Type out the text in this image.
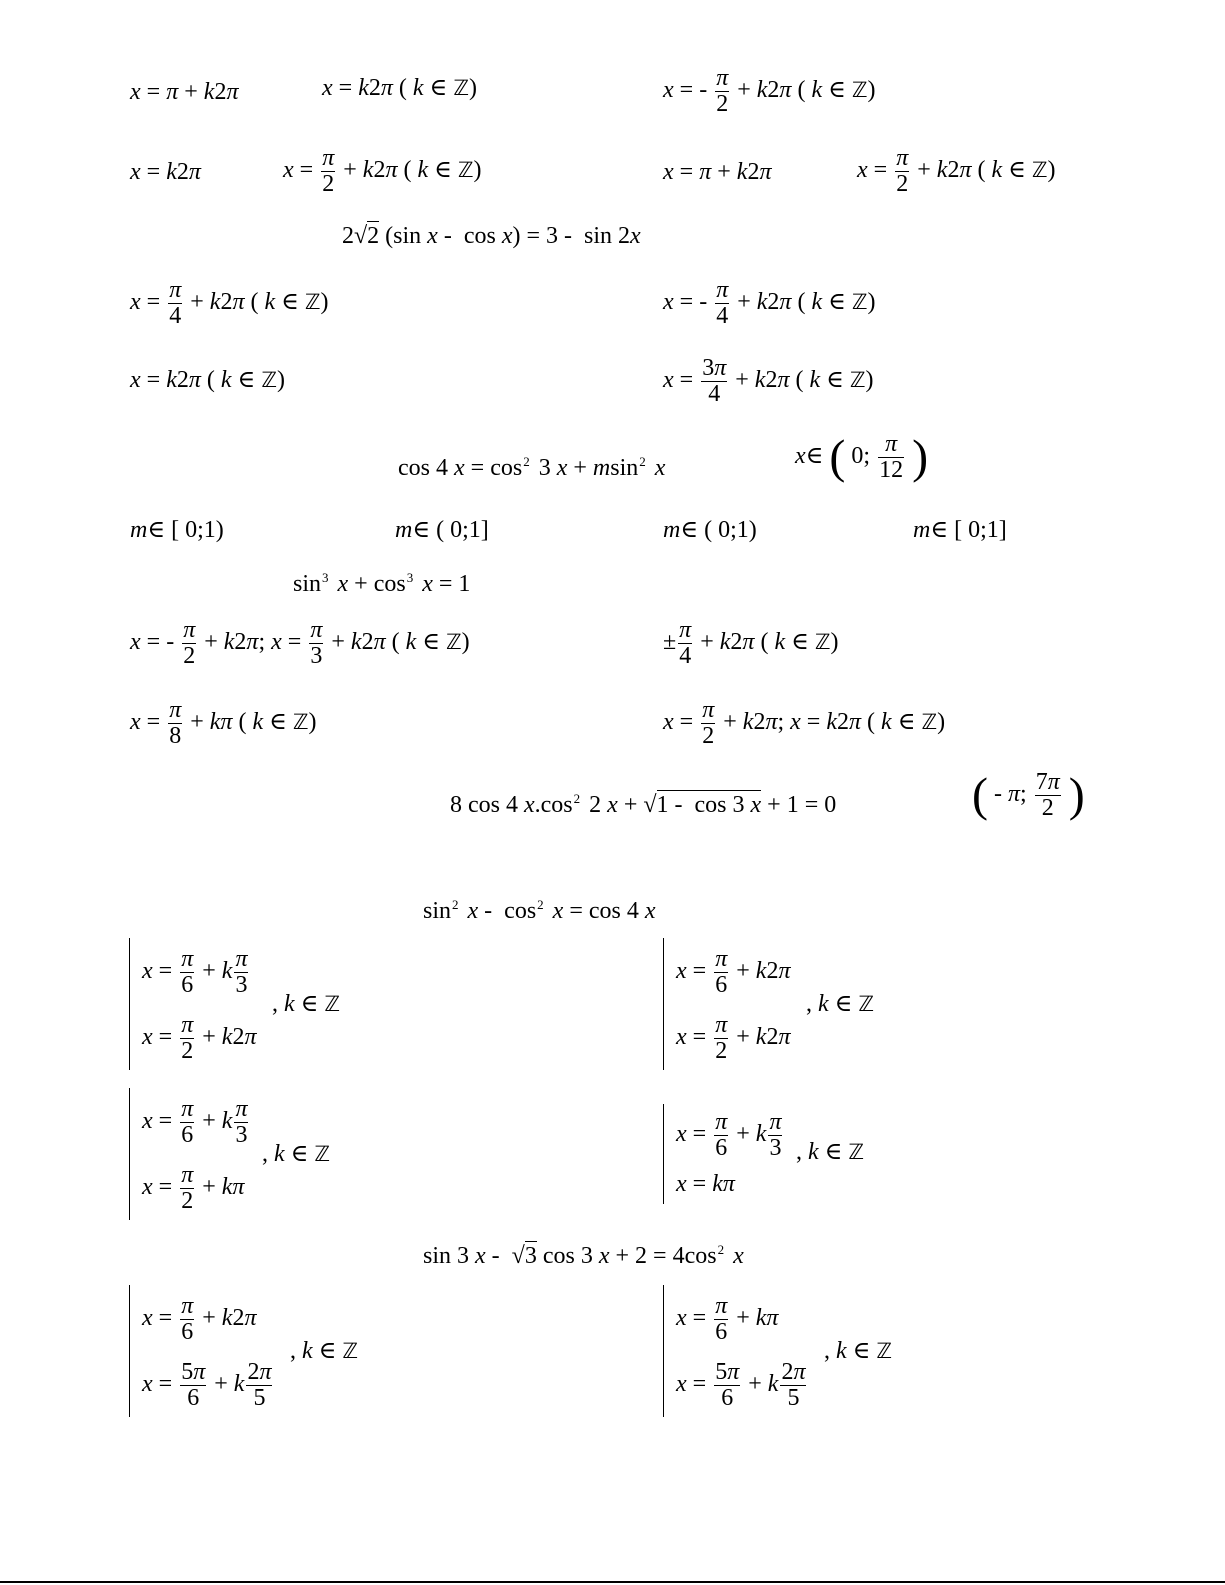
x = π + k2π	x = k2π ( k ∈ ℤ)	x = - $\frac{\pi}{2} + k2\pi$ ( k ∈ ℤ)
x = k2π	$x = \frac{\pi}{2} + k2\pi$ ( k ∈ ℤ)	x = π + k2π	$x = \frac{\pi}{2} + k2\pi$ ( k ∈ ℤ)
2√2 (sin x -  cos x) = 3 -  sin 2x
$x = \frac{\pi}{4} + k2\pi$ ( k ∈ ℤ)	x = - $\frac{\pi}{4} + k2\pi$ ( k ∈ ℤ)
x = k2π ( k ∈ ℤ)	$x = \frac{3\pi}{4} + k2\pi$ ( k ∈ ℤ)
cos 4 $x = \cos^2 3$ x + msin$^2$ x	x∈ ( 0; $\frac{\pi}{12}$ )
m∈ [ 0;1)	m∈ ( 0;1]	m∈ ( 0;1)	m∈ [ 0;1]
$\sin^3 x + \cos^3 x = 1$
x = - $\frac{\pi}{2} + k2\pi$; $x = \frac{\pi}{3} + k2\pi$ ( k ∈ ℤ)	± $\frac{\pi}{4} + k2\pi$ ( k ∈ ℤ)
$x = \frac{\pi}{8} + k\pi$ ( k ∈ ℤ)	$x = \frac{\pi}{2} + k2\pi$; x = k2π ( k ∈ ℤ)
8 cos 4 $x.\cos^2$ 2 x + √1 -  cos 3 x + 1 = 0	( - π; $\frac{7\pi}{2}$ )
$\sin^2 x - \cos^2 x = \cos 4$ x
$x = \frac{\pi}{6} + k \frac{\pi}{3}$
$x = \frac{\pi}{2} + k2\pi$
, k ∈ ℤ
$x = \frac{\pi}{6} + k2\pi$
$x = \frac{\pi}{2} + k2\pi$
, k ∈ ℤ
$x = \frac{\pi}{6} + k \frac{\pi}{3}$
$x = \frac{\pi}{2} + k\pi$
, k ∈ ℤ
$x = \frac{\pi}{6} + k \frac{\pi}{3}$
x = kπ
, k ∈ ℤ
sin 3 x -  √3 cos 3 $x + 2 = 4\cos^2$ x
$x = \frac{\pi}{6} + k2\pi$
$x = \frac{5\pi}{6} + k \frac{2\pi}{5}$
, k ∈ ℤ
$x = \frac{\pi}{6} + k\pi$
$x = \frac{5\pi}{6} + k \frac{2\pi}{5}$
, k ∈ ℤ
